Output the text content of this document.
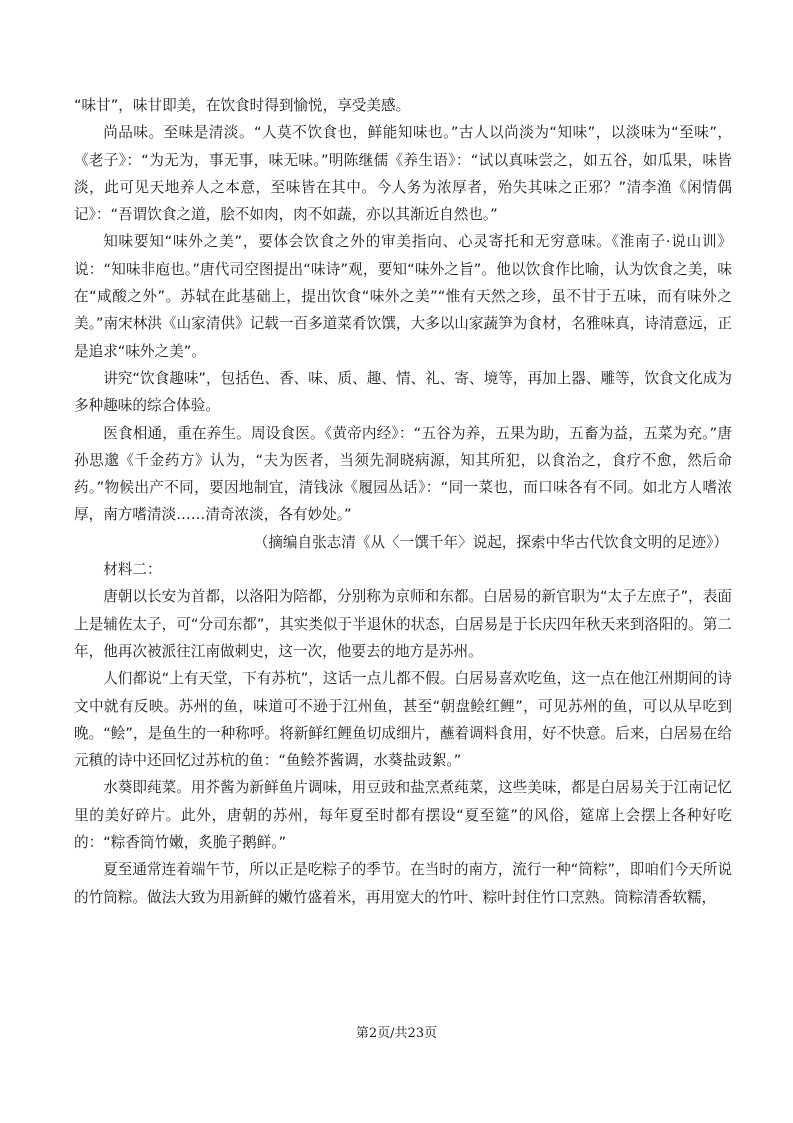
“味甘”，味甘即美，在饮食时得到愉悦，享受美感。

尚品味。至味是清淡。“人莫不饮食也，鲜能知味也。”古人以尚淡为“知味”，以淡味为“至味”，《老子》：“为无为，事无事，味无味。”明陈继儒《养生语》：“试以真味尝之，如五谷，如瓜果，味皆淡，此可见天地养人之本意，至味皆在其中。今人务为浓厚者，殆失其味之正邪？”清李渔《闲情偶记》：“吾谓饮食之道，脍不如肉，肉不如蔬，亦以其渐近自然也。”

知味要知“味外之美”，要体会饮食之外的审美指向、心灵寄托和无穷意味。《淮南子·说山训》说：“知味非庖也。”唐代司空图提出“味诗”观，要知“味外之旨”。他以饮食作比喻，认为饮食之美，味在“咸酸之外”。苏轼在此基础上，提出饮食“味外之美”“惟有天然之珍，虽不甘于五味，而有味外之美。”南宋林洪《山家清供》记载一百多道菜肴饮馔，大多以山家蔬笋为食材，名雅味真，诗清意远，正是追求“味外之美”。

讲究“饮食趣味”，包括色、香、味、质、趣、情、礼、寄、境等，再加上器、雕等，饮食文化成为多种趣味的综合体验。

医食相通，重在养生。周设食医。《黄帝内经》：“五谷为养，五果为助，五畜为益，五菜为充。”唐孙思邈《千金药方》认为，“夫为医者，当须先洞晓病源，知其所犯，以食治之，食疗不愈，然后命药。”物候出产不同，要因地制宜，清钱泳《履园丛话》：“同一菜也，而口味各有不同。如北方人嗜浓厚，南方嗜清淡……清奇浓淡，各有妙处。”

（摘编自张志清《从〈一馔千年〉说起，探索中华古代饮食文明的足迹》）

材料二：

唐朝以长安为首都，以洛阳为陪都，分别称为京师和东都。白居易的新官职为“太子左庶子”，表面上是辅佐太子，可“分司东都”，其实类似于半退休的状态，白居易是于长庆四年秋天来到洛阳的。第二年，他再次被派往江南做刺史，这一次，他要去的地方是苏州。

人们都说“上有天堂，下有苏杭”，这话一点儿都不假。白居易喜欢吃鱼，这一点在他江州期间的诗文中就有反映。苏州的鱼，味道可不逊于江州鱼，甚至“朝盘鲙红鲤”，可见苏州的鱼，可以从早吃到晚。“鲙”，是鱼生的一种称呼。将新鲜红鲤鱼切成细片，蘸着调料食用，好不快意。后来，白居易在给元稹的诗中还回忆过苏杭的鱼：“鱼鲙芥酱调，水葵盐豉絮。”

水葵即莼菜。用芥酱为新鲜鱼片调味，用豆豉和盐烹煮莼菜，这些美味，都是白居易关于江南记忆里的美好碎片。此外，唐朝的苏州，每年夏至时都有摆设“夏至筵”的风俗，筵席上会摆上各种好吃的：“粽香筒竹嫩，炙脆子鹅鲜。”

夏至通常连着端午节，所以正是吃粽子的季节。在当时的南方，流行一种“筒粽”，即咱们今天所说的竹筒粽。做法大致为用新鲜的嫩竹盛着米，再用宽大的竹叶、粽叶封住竹口烹熟。筒粽清香软糯，

第2页/共23页
